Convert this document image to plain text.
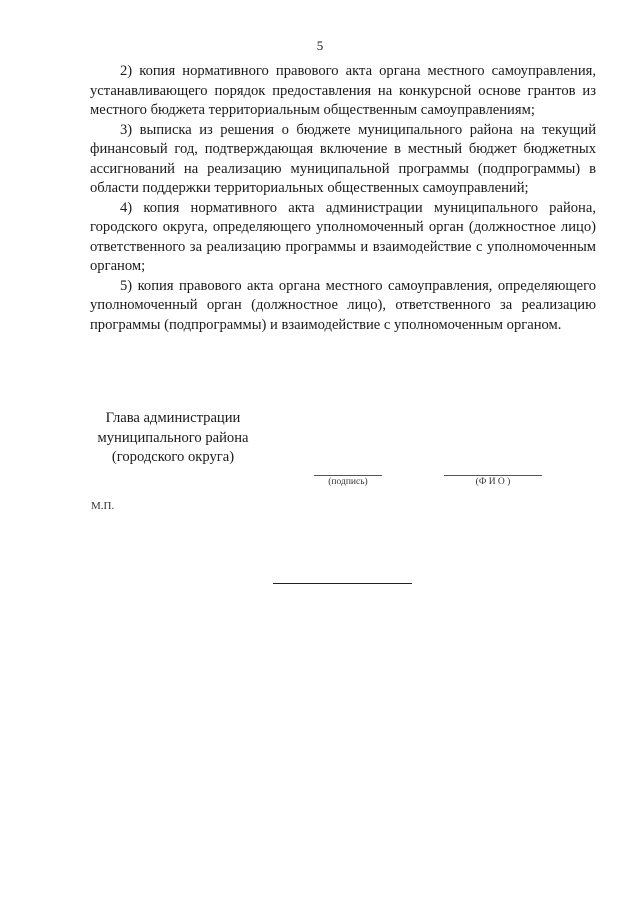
5

2) копия нормативного правового акта органа местного самоуправления, устанавливающего порядок предоставления на конкурсной основе грантов из местного бюджета территориальным общественным самоуправлениям;

3) выписка из решения о бюджете муниципального района на текущий финансовый год, подтверждающая включение в местный бюджет бюджетных ассигнований на реализацию муниципальной программы (подпрограммы) в области поддержки территориальных общественных самоуправлений;

4) копия нормативного акта администрации муниципального района, городского округа, определяющего уполномоченный орган (должностное лицо) ответственного за реализацию программы и взаимодействие с уполномоченным органом;

5) копия правового акта органа местного самоуправления, определяющего уполномоченный орган (должностное лицо), ответственного за реализацию программы (подпрограммы) и взаимодействие с уполномоченным органом.

Глава администрации
муниципального района
(городского округа)
(подпись)	(Ф И О )
М.П.
